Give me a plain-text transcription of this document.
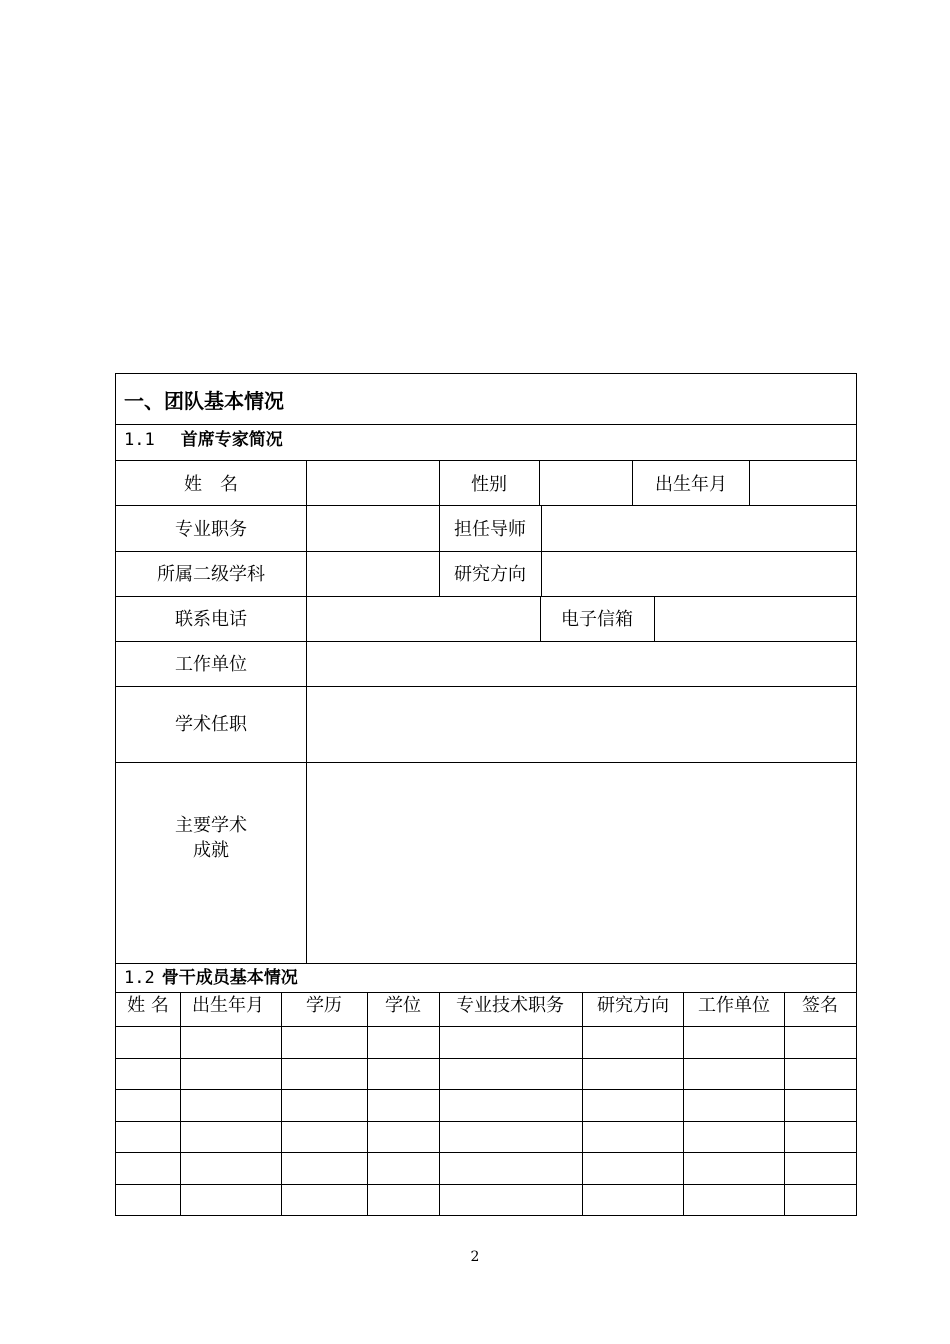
一、团队基本情况
1.1 首席专家简况
姓　名	性别	出生年月
专业职务	担任导师
所属二级学科	研究方向
联系电话	电子信箱
工作单位
学术任职
主要学术
成就
1.2 骨干成员基本情况
姓 名 出生年月 学历 学位 专业技术职务 研究方向 工作单位 签名
2
